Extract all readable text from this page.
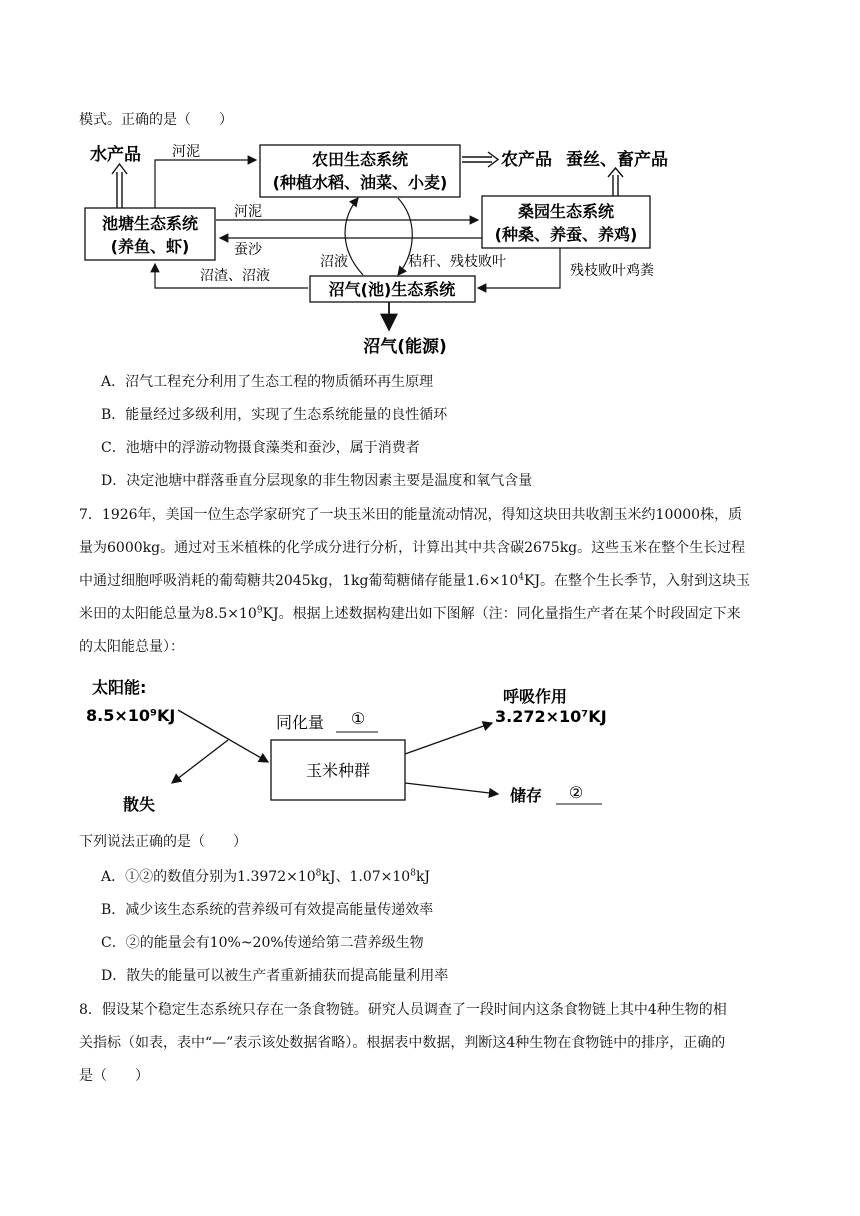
模式。正确的是（　　）
水产品 河泥	农田生态系统
(种植水稻、油菜、小麦)
农产品 蚕丝、畜产品
池塘生态系统
(养鱼、虾)
河泥
蚕沙
桑园生态系统
(种桑、养蚕、养鸡)
沼液	秸秆、残枝败叶
残枝败叶鸡粪
沼渣、沼液
沼气(池)生态系统
沼气(能源)
A．沼气工程充分利用了生态工程的物质循环再生原理
B．能量经过多级利用，实现了生态系统能量的良性循环
C．池塘中的浮游动物摄食藻类和蚕沙，属于消费者
D．决定池塘中群落垂直分层现象的非生物因素主要是温度和氧气含量
7．1926年，美国一位生态学家研究了一块玉米田的能量流动情况，得知这块田共收割玉米约10000株，质
量为6000kg。通过对玉米植株的化学成分进行分析，计算出其中共含碳2675kg。这些玉米在整个生长过程
中通过细胞呼吸消耗的葡萄糖共2045kg，1kg葡萄糖储存能量$1.6\times 10^4KJ$。在整个生长季节，入射到这块玉
米田的太阳能总量为$8.5\times 10^9KJ$。根据上述数据构建出如下图解（注：同化量指生产者在某个时段固定下来
的太阳能总量）：
太阳能:
8.5×10⁹KJ
散失
同化量 ①
玉米种群
呼吸作用
3.272×10⁷KJ
储存 ②
下列说法正确的是（　　）
A．①②的数值分别为$1.3972\times 10^8kJ$、$1.07\times 10^8kJ$
B．减少该生态系统的营养级可有效提高能量传递效率
C．②的能量会有10%~20%传递给第二营养级生物
D．散失的能量可以被生产者重新捕获而提高能量利用率
8．假设某个稳定生态系统只存在一条食物链。研究人员调查了一段时间内这条食物链上其中4种生物的相
关指标（如表，表中“—”表示该处数据省略）。根据表中数据，判断这4种生物在食物链中的排序，正确的
是（　　）
